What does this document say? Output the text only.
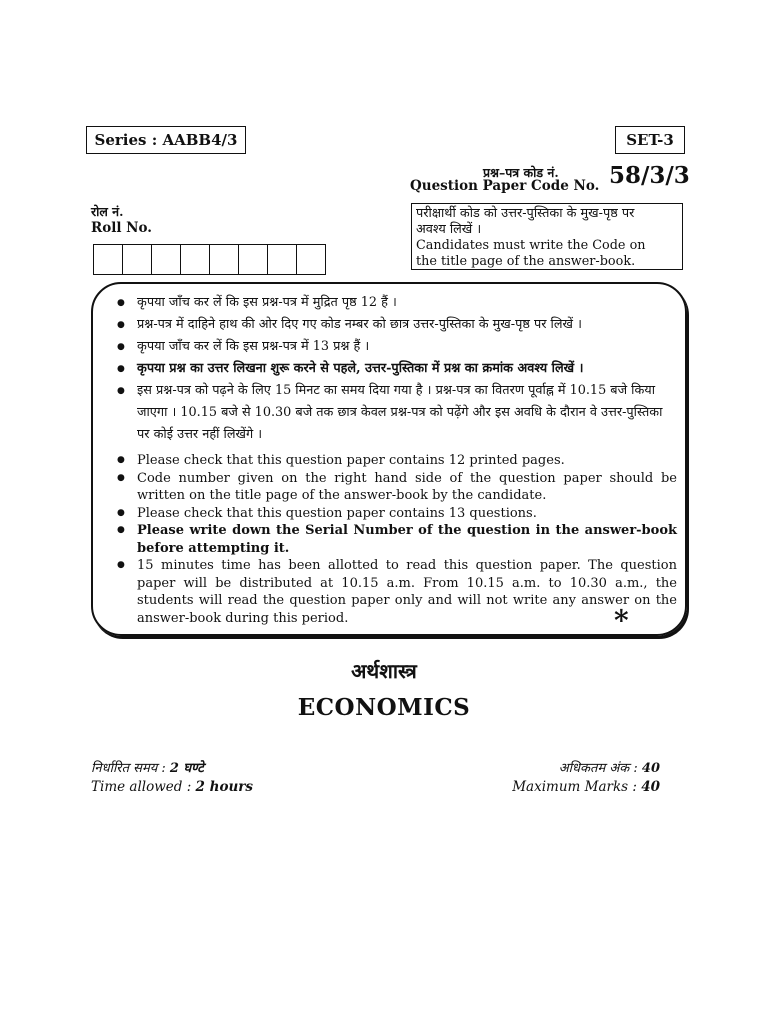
Series : AABB4/3	SET-3
प्रश्न–पत्र कोड नं.
Question Paper Code No. 58/3/3
रोल नं.
Roll No.
परीक्षार्थी कोड को उत्तर-पुस्तिका के मुख-पृष्ठ पर
अवश्य लिखें ।
Candidates must write the Code on
the title page of the answer-book.
● कृपया जाँच कर लें कि इस प्रश्न-पत्र में मुद्रित पृष्ठ 12 हैं ।
● प्रश्न-पत्र में दाहिने हाथ की ओर दिए गए कोड नम्बर को छात्र उत्तर-पुस्तिका के मुख-पृष्ठ पर लिखें ।
● कृपया जाँच कर लें कि इस प्रश्न-पत्र में 13 प्रश्न हैं ।
● कृपया प्रश्न का उत्तर लिखना शुरू करने से पहले, उत्तर-पुस्तिका में प्रश्न का क्रमांक अवश्य लिखें ।
● इस प्रश्न-पत्र को पढ़ने के लिए 15 मिनट का समय दिया गया है । प्रश्न-पत्र का वितरण पूर्वाह्न में 10.15 बजे किया जाएगा । 10.15 बजे से 10.30 बजे तक छात्र केवल प्रश्न-पत्र को पढ़ेंगे और इस अवधि के दौरान वे उत्तर-पुस्तिका पर कोई उत्तर नहीं लिखेंगे ।
● Please check that this question paper contains 12 printed pages.
● Code number given on the right hand side of the question paper should be written on the title page of the answer-book by the candidate.
● Please check that this question paper contains 13 questions.
● Please write down the Serial Number of the question in the answer-book before attempting it.
● 15 minutes time has been allotted to read this question paper. The question paper will be distributed at 10.15 a.m. From 10.15 a.m. to 10.30 a.m., the students will read the question paper only and will not write any answer on the answer-book during this period.	*
अर्थशास्त्र
ECONOMICS
निर्धारित समय : 2 घण्टे
Time allowed : 2 hours
अधिकतम अंक : 40
Maximum Marks : 40
